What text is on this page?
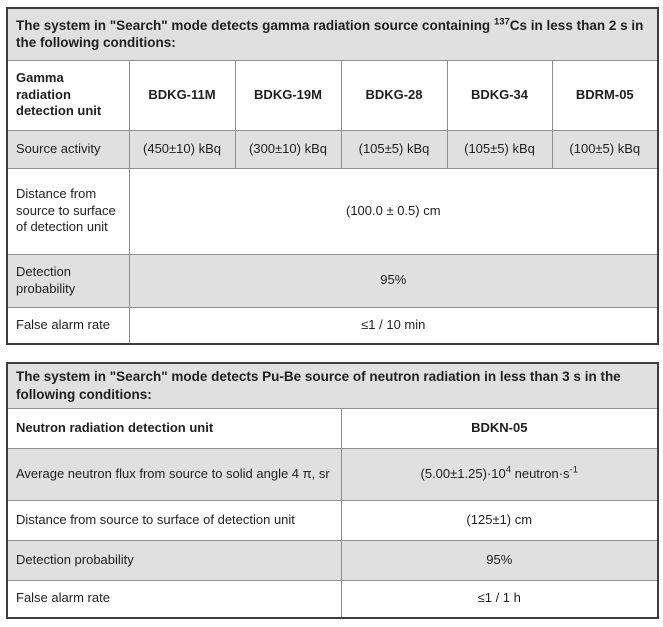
The system in "Search" mode detects gamma radiation source containing $^{137}$Cs in less than 2 s in the following conditions:					
Gamma radiation detection unit	BDKG-11M	BDKG-19M	BDKG-28	BDKG-34	BDRM-05
Source activity	(450±10) kBq	(300±10) kBq	(105±5) kBq	(105±5) kBq	(100±5) kBq
Distance from source to surface of detection unit	(100.0 ± 0.5) cm				
Detection probability	95%				
False alarm rate	≤1 / 10 min				
The system in "Search" mode detects Pu-Be source of neutron radiation in less than 3 s in the following conditions:	
Neutron radiation detection unit	BDKN-05
Average neutron flux from source to solid angle 4 π, sr	$(5.00\pm 1.25)\cdot 10^4$ $neutron\cdot s^{-1}$
Distance from source to surface of detection unit	(125±1) cm
Detection probability	95%
False alarm rate	≤1 / 1 h
